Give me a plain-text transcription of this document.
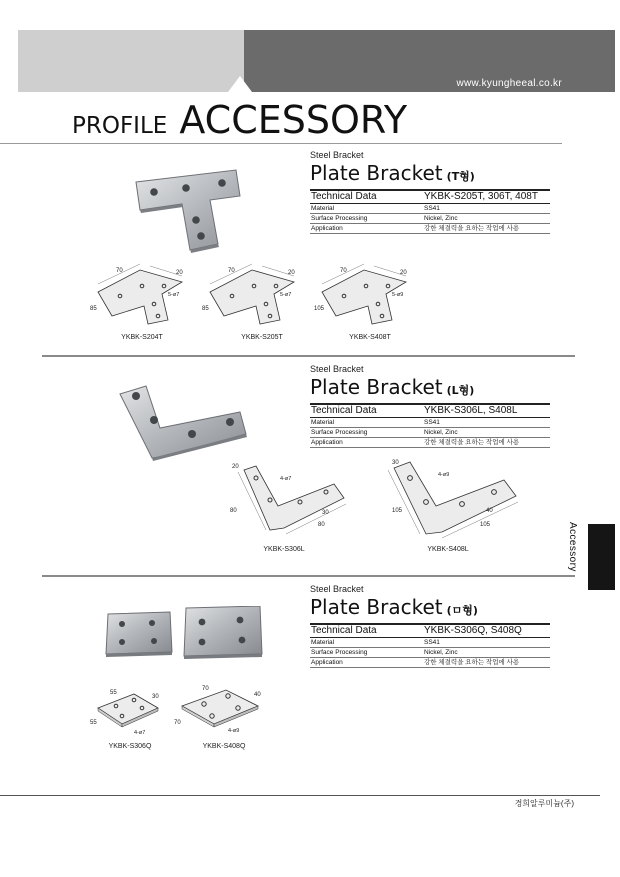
www.kyungheeal.co.kr
PROFILE ACCESSORY
Accessory
Steel Bracket
Plate Bracket (T형)
Technical Data	YKBK-S205T, 306T, 408T
Material	SS41
Surface Processing	Nickel, Zinc
Application	강한 체결력을 요하는 작업에 사용
70	20
85
5-ø7
YKBK-S204T
70	20
85
5-ø7
YKBK-S205T
70	20
105
5-ø9
YKBK-S408T
Steel Bracket
Plate Bracket (L형)
Technical Data	YKBK-S306L, S408L
Material	SS41
Surface Processing	Nickel, Zinc
Application	강한 체결력을 요하는 작업에 사용
20
80	30
80
4-ø7
YKBK-S306L
30
105	40
105
4-ø9
YKBK-S408L
Steel Bracket
Plate Bracket (ㅁ형)
Technical Data	YKBK-S306Q, S408Q
Material	SS41
Surface Processing	Nickel, Zinc
Application	강한 체결력을 요하는 작업에 사용
55
30
55
4-ø7
YKBK-S306Q
70
40
70
4-ø9
YKBK-S408Q
경희알루미늄(주)
